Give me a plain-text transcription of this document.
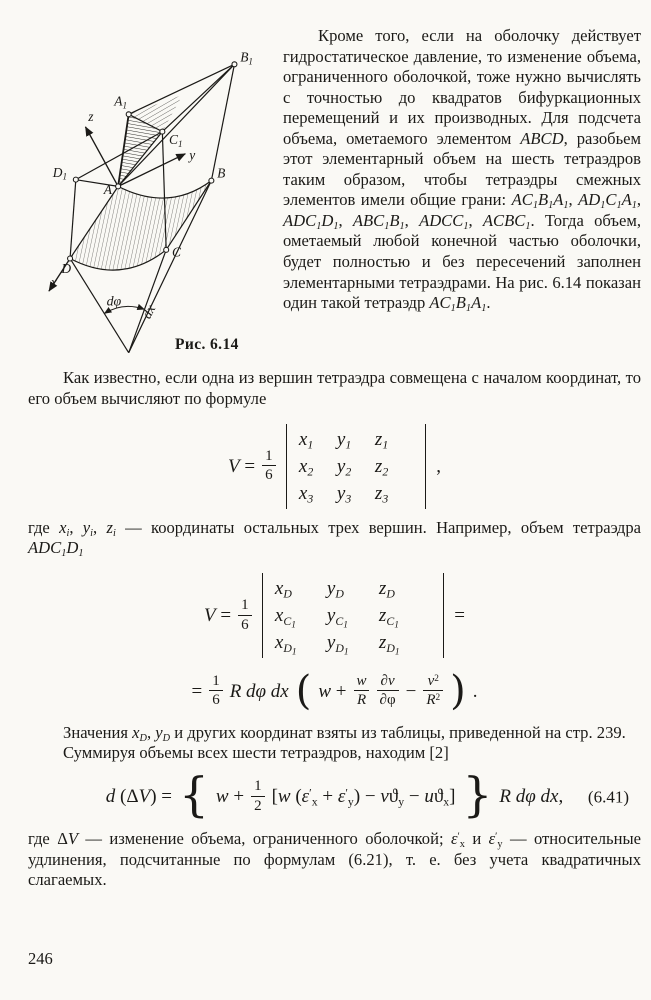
$B_1$
$A_1$
$C_1$
$D_1$
A
B
C
D
z
y
x
dφ
dx
Рис. 6.14

Кроме того, если на оболочку действует гидростатическое давление, то изменение объема, ограниченного оболочкой, тоже нужно вычислять с точностью до квадратов бифуркационных перемещений и их производных. Для подсчета объема, ометаемого элементом ABCD, разобьем этот элементарный объем на шесть тетраэдров таким образом, чтобы тетраэдры смежных элементов имели общие грани: $AC_1B_1A_1$, $AD_1C_1A_1$, $ADC_1D_1$, $ABC_1B_1$, $ADCC_1$, $ACBC_1$. Тогда объем, ометаемый любой конечной частью оболочки, будет полностью и без пересечений заполнен элементарными тетраэдрами. На рис. 6.14 показан один такой тетраэдр $AC_1B_1A_1$.

Как известно, если одна из вершин тетраэдра совмещена с началом координат, то его объем вычисляют по формуле

$V = \frac{1}{6}$
$x_1$	$y_1$	$z_1$
$x_2$	$y_2$	$z_2$
$x_3$	$y_3$	$z_3$
,

где $x_i$, $y_i$, $z_i$ — координаты остальных трех вершин. Например, объем тетраэдра $ADC_1D_1$

$V = \frac{1}{6}$
$x_D$	$y_D$	$z_D$
$x_{C_1}$	$y_{C_1}$	$z_{C_1}$
$x_{D_1}$	$y_{D_1}$	$z_{D_1}$
=
= $\frac{1}{6}$ R dφ dx ( $w + \frac{w}{R} \frac{\partial v}{\partial\varphi} - \frac{v^2}{R^2}$ ) .

Значения $x_D$, $y_D$ и других координат взяты из таблицы, приведенной на стр. 239.

Суммируя объемы всех шести тетраэдров, находим [2]

d (ΔV) = { $w + \frac{1}{2} [w$ $(\varepsilon'_x + \varepsilon'_y) - vϑ_y - uϑ_x$] } R dφ dx, (6.41)

где ΔV — изменение объема, ограниченного оболочкой; $\varepsilon'_x$ и $\varepsilon'_y$ — относительные удлинения, подсчитанные по формулам (6.21), т. е. без учета квадратичных слагаемых.

246
